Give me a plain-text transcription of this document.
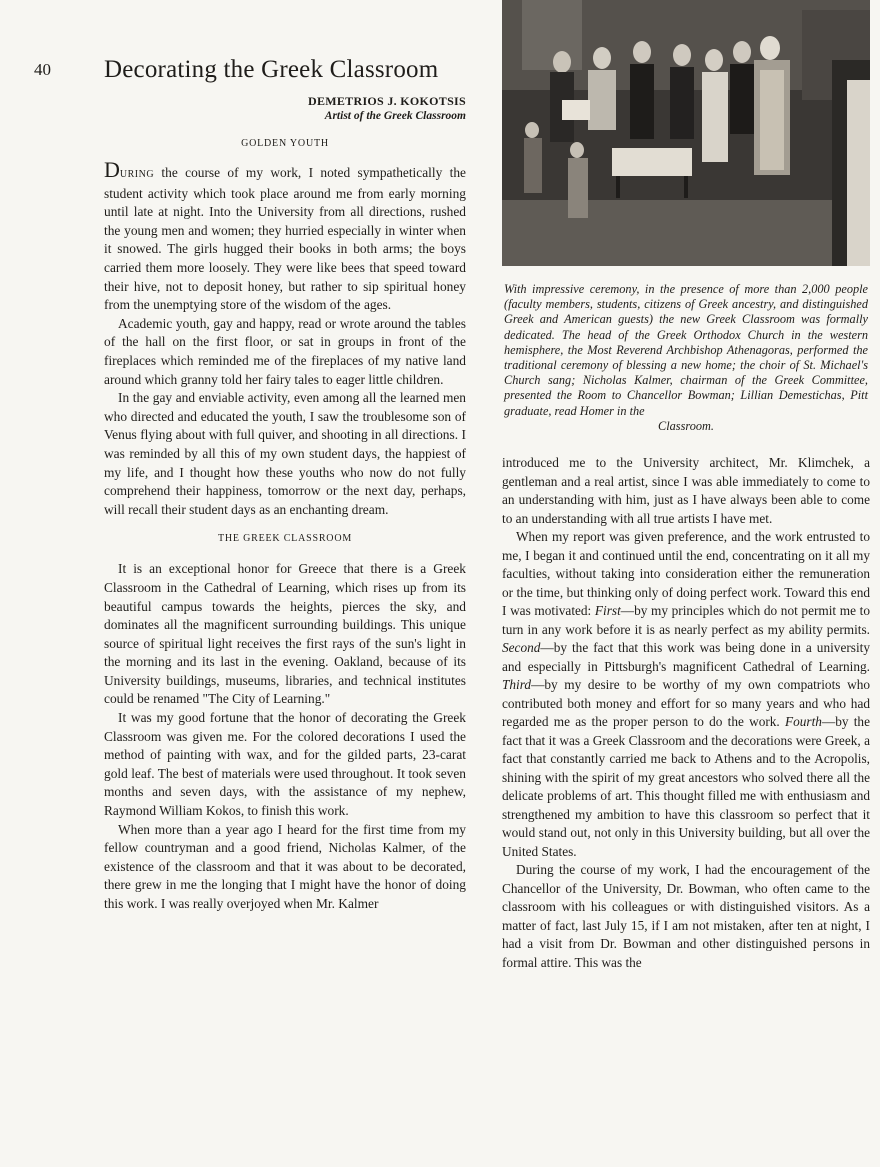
40 Decorating the Greek Classroom
DEMETRIOS J. KOKOTSIS
Artist of the Greek Classroom
GOLDEN YOUTH

DURING the course of my work, I noted sympathetically the student activity which took place around me from early morning until late at night. Into the University from all directions, rushed the young men and women; they hurried especially in winter when it snowed. The girls hugged their books in both arms; the boys carried them more loosely. They were like bees that speed toward their hive, not to deposit honey, but rather to sip spiritual honey from the unemptying store of the wisdom of the ages.

Academic youth, gay and happy, read or wrote around the tables of the hall on the first floor, or sat in groups in front of the fireplaces which reminded me of the fireplaces of my native land around which granny told her fairy tales to eager little children.

In the gay and enviable activity, even among all the learned men who directed and educated the youth, I saw the troublesome son of Venus flying about with full quiver, and shooting in all directions. I was reminded by all this of my own student days, the happiest of my life, and I thought how these youths who now do not fully comprehend their happiness, tomorrow or the next day, perhaps, will recall their student days as an enchanting dream.

THE GREEK CLASSROOM

It is an exceptional honor for Greece that there is a Greek Classroom in the Cathedral of Learning, which rises up from its beautiful campus towards the heights, pierces the sky, and dominates all the magnificent surrounding buildings. This unique source of spiritual light receives the first rays of the sun's light in the morning and its last in the evening. Oakland, because of its University buildings, museums, libraries, and technical institutes could be renamed "The City of Learning."

It was my good fortune that the honor of decorating the Greek Classroom was given me. For the colored decorations I used the method of painting with wax, and for the gilded parts, 23-carat gold leaf. The best of materials were used throughout. It took seven months and seven days, with the assistance of my nephew, Raymond William Kokos, to finish this work.

When more than a year ago I heard for the first time from my fellow countryman and a good friend, Nicholas Kalmer, of the existence of the classroom and that it was about to be decorated, there grew in me the longing that I might have the honor of doing this work. I was really overjoyed when Mr. Kalmer

With impressive ceremony, in the presence of more than 2,000 people (faculty members, students, citizens of Greek ancestry, and distinguished Greek and American guests) the new Greek Classroom was formally dedicated. The head of the Greek Orthodox Church in the western hemisphere, the Most Reverend Archbishop Athenagoras, performed the traditional ceremony of blessing a new home; the choir of St. Michael's Church sang; Nicholas Kalmer, chairman of the Greek Committee, presented the Room to Chancellor Bowman; Lillian Demestichas, Pitt graduate, read Homer in the
Classroom.

introduced me to the University architect, Mr. Klimchek, a gentleman and a real artist, since I was able immediately to come to an understanding with him, just as I have always been able to come to an understanding with all true artists I have met.

When my report was given preference, and the work entrusted to me, I began it and continued until the end, concentrating on it all my faculties, without taking into consideration either the remuneration or the time, but thinking only of doing perfect work. Toward this end I was motivated: First—by my principles which do not permit me to turn in any work before it is as nearly perfect as my ability permits. Second—by the fact that this work was being done in a university and especially in Pittsburgh's magnificent Cathedral of Learning. Third—by my desire to be worthy of my own compatriots who contributed both money and effort for so many years and who had regarded me as the proper person to do the work. Fourth—by the fact that it was a Greek Classroom and the decorations were Greek, a fact that constantly carried me back to Athens and to the Acropolis, shining with the spirit of my great ancestors who solved there all the delicate problems of art. This thought filled me with enthusiasm and strengthened my ambition to have this classroom so perfect that it would stand out, not only in this University building, but all over the United States.

During the course of my work, I had the encouragement of the Chancellor of the University, Dr. Bowman, who often came to the classroom with his colleagues or with distinguished visitors. As a matter of fact, last July 15, if I am not mistaken, after ten at night, I had a visit from Dr. Bowman and other distinguished persons in formal attire. This was the
